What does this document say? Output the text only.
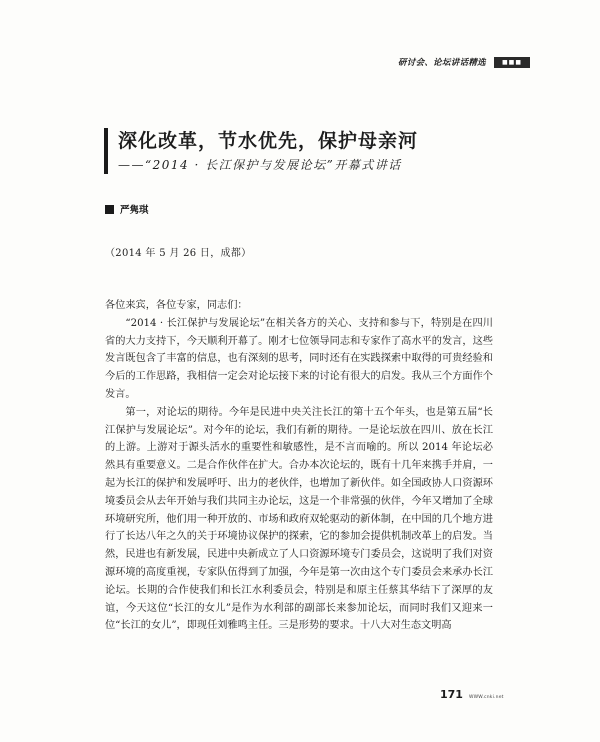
研讨会、论坛讲话精选	■■■
深化改革，节水优先，保护母亲河
——“2014 · 长江保护与发展论坛”开幕式讲话
严隽琪
（2014 年 5 月 26 日，成都）

各位来宾，各位专家，同志们：

“2014 · 长江保护与发展论坛”在相关各方的关心、支持和参与下，特别是在四川省的大力支持下，今天顺利开幕了。刚才七位领导同志和专家作了高水平的发言，这些发言既包含了丰富的信息，也有深刻的思考，同时还有在实践探索中取得的可贵经验和今后的工作思路，我相信一定会对论坛接下来的讨论有很大的启发。我从三个方面作个发言。

第一，对论坛的期待。今年是民进中央关注长江的第十五个年头，也是第五届“长江保护与发展论坛”。对今年的论坛，我们有新的期待。一是论坛放在四川、放在长江的上游。上游对于源头活水的重要性和敏感性，是不言而喻的。所以 2014 年论坛必然具有重要意义。二是合作伙伴在扩大。合办本次论坛的，既有十几年来携手并肩，一起为长江的保护和发展呼吁、出力的老伙伴，也增加了新伙伴。如全国政协人口资源环境委员会从去年开始与我们共同主办论坛，这是一个非常强的伙伴，今年又增加了全球环境研究所，他们用一种开放的、市场和政府双轮驱动的新体制，在中国的几个地方进行了长达八年之久的关于环境协议保护的探索，它的参加会提供机制改革上的启发。当然，民进也有新发展，民进中央新成立了人口资源环境专门委员会，这说明了我们对资源环境的高度重视，专家队伍得到了加强，今年是第一次由这个专门委员会来承办长江论坛。长期的合作使我们和长江水利委员会，特别是和原主任蔡其华结下了深厚的友谊，今天这位“长江的女儿”是作为水利部的副部长来参加论坛，而同时我们又迎来一位“长江的女儿”，即现任刘雅鸣主任。三是形势的要求。十八大对生态文明高

171 WWW.cnki.net
